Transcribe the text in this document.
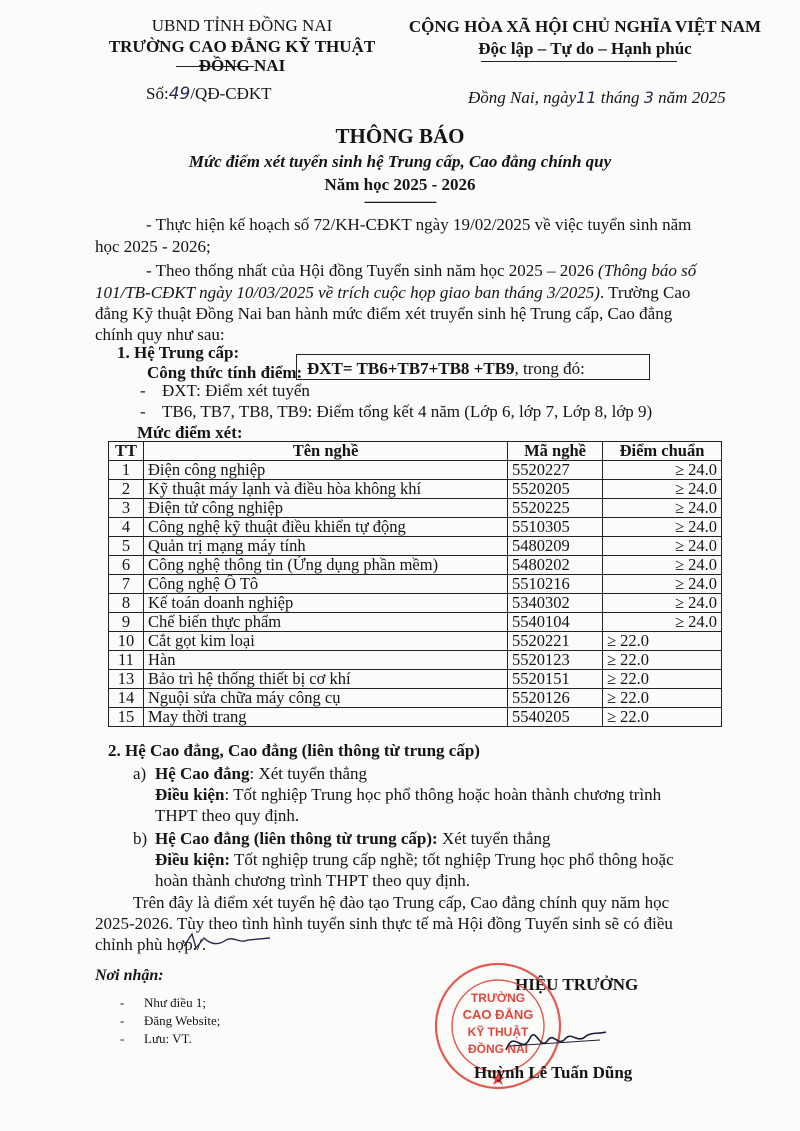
UBND TỈNH ĐỒNG NAI
TRƯỜNG CAO ĐẲNG KỸ THUẬT
ĐỒNG NAI
Số:49/QĐ-CĐKT
CỘNG HÒA XÃ HỘI CHỦ NGHĨA VIỆT NAM
Độc lập – Tự do – Hạnh phúc
Đồng Nai, ngày11 tháng 3 năm 2025
THÔNG BÁO
Mức điểm xét tuyển sinh hệ Trung cấp, Cao đẳng chính quy
Năm học 2025 - 2026
------------------
- Thực hiện kế hoạch số 72/KH-CĐKT ngày 19/02/2025 về việc tuyển sinh năm
học 2025 - 2026;
- Theo thống nhất của Hội đồng Tuyển sinh năm học 2025 – 2026 (Thông báo số
101/TB-CĐKT ngày 10/03/2025 về trích cuộc họp giao ban tháng 3/2025). Trường Cao
đẳng Kỹ thuật Đồng Nai ban hành mức điểm xét truyển sinh hệ Trung cấp, Cao đẳng
chính quy như sau:
1. Hệ Trung cấp:
Công thức tính điểm: ĐXT= TB6+TB7+TB8 +TB9, trong đó:
- ĐXT: Điểm xét tuyển
- TB6, TB7, TB8, TB9: Điểm tổng kết 4 năm (Lớp 6, lớp 7, Lớp 8, lớp 9)
Mức điểm xét:
TT	Tên nghề	Mã nghề	Điểm chuẩn
1	Điện công nghiệp	5520227	≥ 24.0
2	Kỹ thuật máy lạnh và điều hòa không khí	5520205	≥ 24.0
3	Điện tử công nghiệp	5520225	≥ 24.0
4	Công nghệ kỹ thuật điều khiển tự động	5510305	≥ 24.0
5	Quản trị mạng máy tính	5480209	≥ 24.0
6	Công nghệ thông tin (Ứng dụng phần mềm)	5480202	≥ 24.0
7	Công nghệ Ô Tô	5510216	≥ 24.0
8	Kế toán doanh nghiệp	5340302	≥ 24.0
9	Chế biến thực phẩm	5540104	≥ 24.0
10	Cắt gọt kim loại	5520221	≥ 22.0
11	Hàn	5520123	≥ 22.0
13	Bảo trì hệ thống thiết bị cơ khí	5520151	≥ 22.0
14	Nguội sửa chữa máy công cụ	5520126	≥ 22.0
15	May thời trang	5540205	≥ 22.0
2. Hệ Cao đẳng, Cao đẳng (liên thông từ trung cấp)
a) Hệ Cao đẳng: Xét tuyển thẳng
Điều kiện: Tốt nghiệp Trung học phổ thông hoặc hoàn thành chương trình
THPT theo quy định.
b) Hệ Cao đẳng (liên thông từ trung cấp): Xét tuyển thẳng
Điều kiện: Tốt nghiệp trung cấp nghề; tốt nghiệp Trung học phổ thông hoặc
hoàn thành chương trình THPT theo quy định.
Trên đây là điểm xét tuyển hệ đào tạo Trung cấp, Cao đẳng chính quy năm học
2025-2026. Tùy theo tình hình tuyển sinh thực tế mà Hội đồng Tuyển sinh sẽ có điều
chỉnh phù hợp./.
Nơi nhận:
- Như điều 1;
- Đăng Website;
- Lưu: VT.
HIỆU TRƯỞNG
TRƯỜNG
CAO ĐẲNG
KỸ THUẬT
ĐỒNG NAI
Huỳnh Lê Tuấn Dũng
